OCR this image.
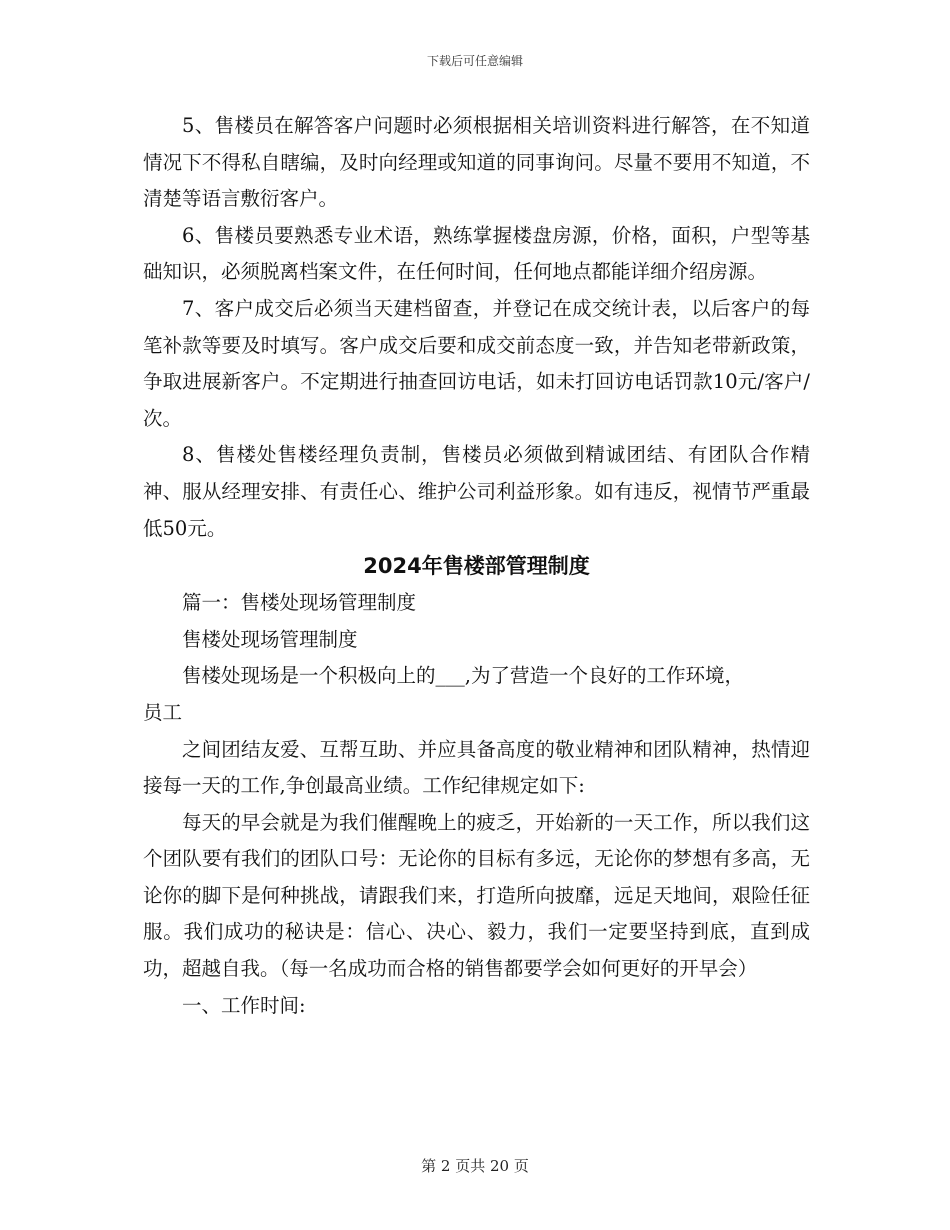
下载后可任意编辑

5、售楼员在解答客户问题时必须根据相关培训资料进行解答，在不知道情况下不得私自瞎编，及时向经理或知道的同事询问。尽量不要用不知道，不清楚等语言敷衍客户。

6、售楼员要熟悉专业术语，熟练掌握楼盘房源，价格，面积，户型等基础知识，必须脱离档案文件，在任何时间，任何地点都能详细介绍房源。

7、客户成交后必须当天建档留查，并登记在成交统计表，以后客户的每笔补款等要及时填写。客户成交后要和成交前态度一致，并告知老带新政策，争取进展新客户。不定期进行抽查回访电话，如未打回访电话罚款10元/客户/次。

8、售楼处售楼经理负责制，售楼员必须做到精诚团结、有团队合作精神、服从经理安排、有责任心、维护公司利益形象。如有违反，视情节严重最低50元。

2024年售楼部管理制度

篇一：售楼处现场管理制度

售楼处现场管理制度

售楼处现场是一个积极向上的___,为了营造一个良好的工作环境，

员工

之间团结友爱、互帮互助、并应具备高度的敬业精神和团队精神，热情迎接每一天的工作,争创最高业绩。工作纪律规定如下:

每天的早会就是为我们催醒晚上的疲乏，开始新的一天工作，所以我们这个团队要有我们的团队口号：无论你的目标有多远，无论你的梦想有多高，无论你的脚下是何种挑战，请跟我们来，打造所向披靡，远足天地间，艰险任征服。我们成功的秘诀是：信心、决心、毅力，我们一定要坚持到底，直到成功，超越自我。（每一名成功而合格的销售都要学会如何更好的开早会）

一、工作时间:

第 2 页共 20 页
